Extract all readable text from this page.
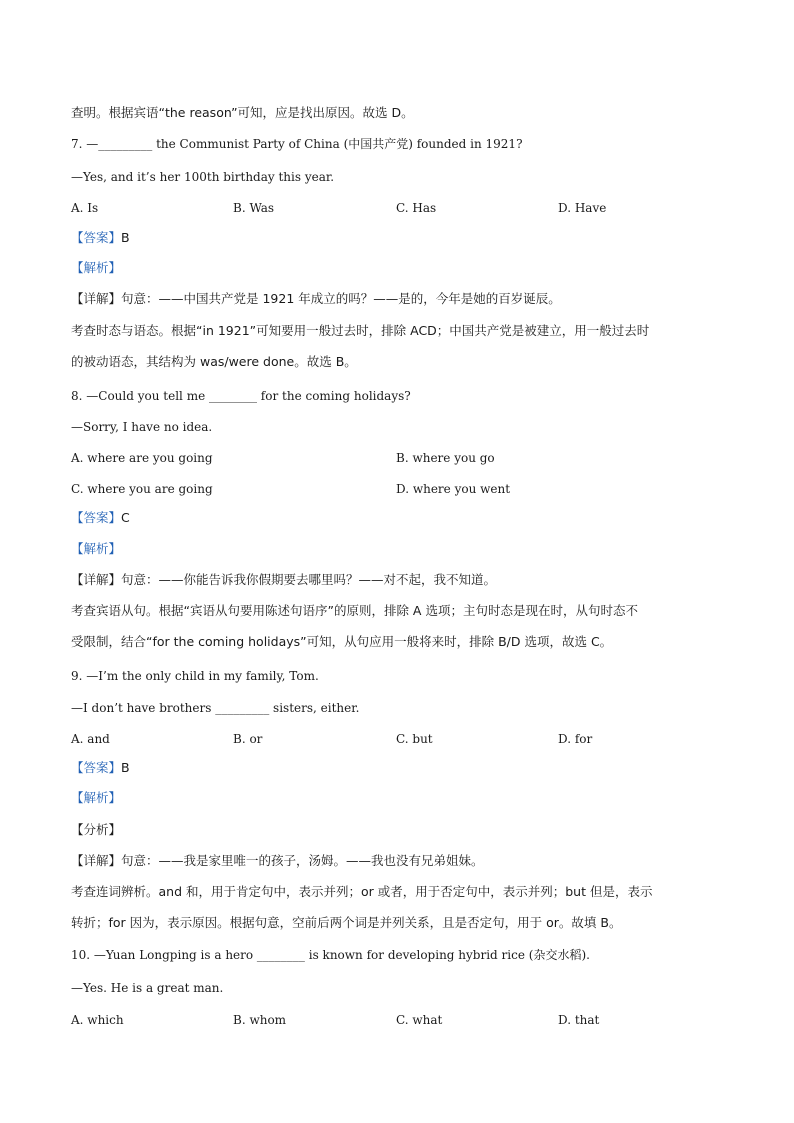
查明。根据宾语“the reason”可知，应是找出原因。故选 D。
7. —_________ the Communist Party of China (中国共产党) founded in 1921?
—Yes, and it’s her 100th birthday this year.
A. Is	B. Was	C. Has	D. Have
【答案】B
【解析】
【详解】句意：——中国共产党是 1921 年成立的吗？——是的，今年是她的百岁诞辰。
考查时态与语态。根据“in 1921”可知要用一般过去时，排除 ACD；中国共产党是被建立，用一般过去时
的被动语态，其结构为 was/were done。故选 B。
8. —Could you tell me ________ for the coming holidays?
—Sorry, I have no idea.
A. where are you going	B. where you go
C. where you are going	D. where you went
【答案】C
【解析】
【详解】句意：——你能告诉我你假期要去哪里吗？——对不起，我不知道。
考查宾语从句。根据“宾语从句要用陈述句语序”的原则，排除 A 选项；主句时态是现在时，从句时态不
受限制，结合“for the coming holidays”可知，从句应用一般将来时，排除 B/D 选项，故选 C。
9. —I’m the only child in my family, Tom.
—I don’t have brothers _________ sisters, either.
A. and	B. or	C. but	D. for
【答案】B
【解析】
【分析】
【详解】句意：——我是家里唯一的孩子，汤姆。——我也没有兄弟姐妹。
考查连词辨析。and 和，用于肯定句中，表示并列；or 或者，用于否定句中，表示并列；but 但是，表示
转折；for 因为，表示原因。根据句意，空前后两个词是并列关系，且是否定句，用于 or。故填 B。
10. —Yuan Longping is a hero ________ is known for developing hybrid rice (杂交水稻).
—Yes. He is a great man.
A. which	B. whom	C. what	D. that
